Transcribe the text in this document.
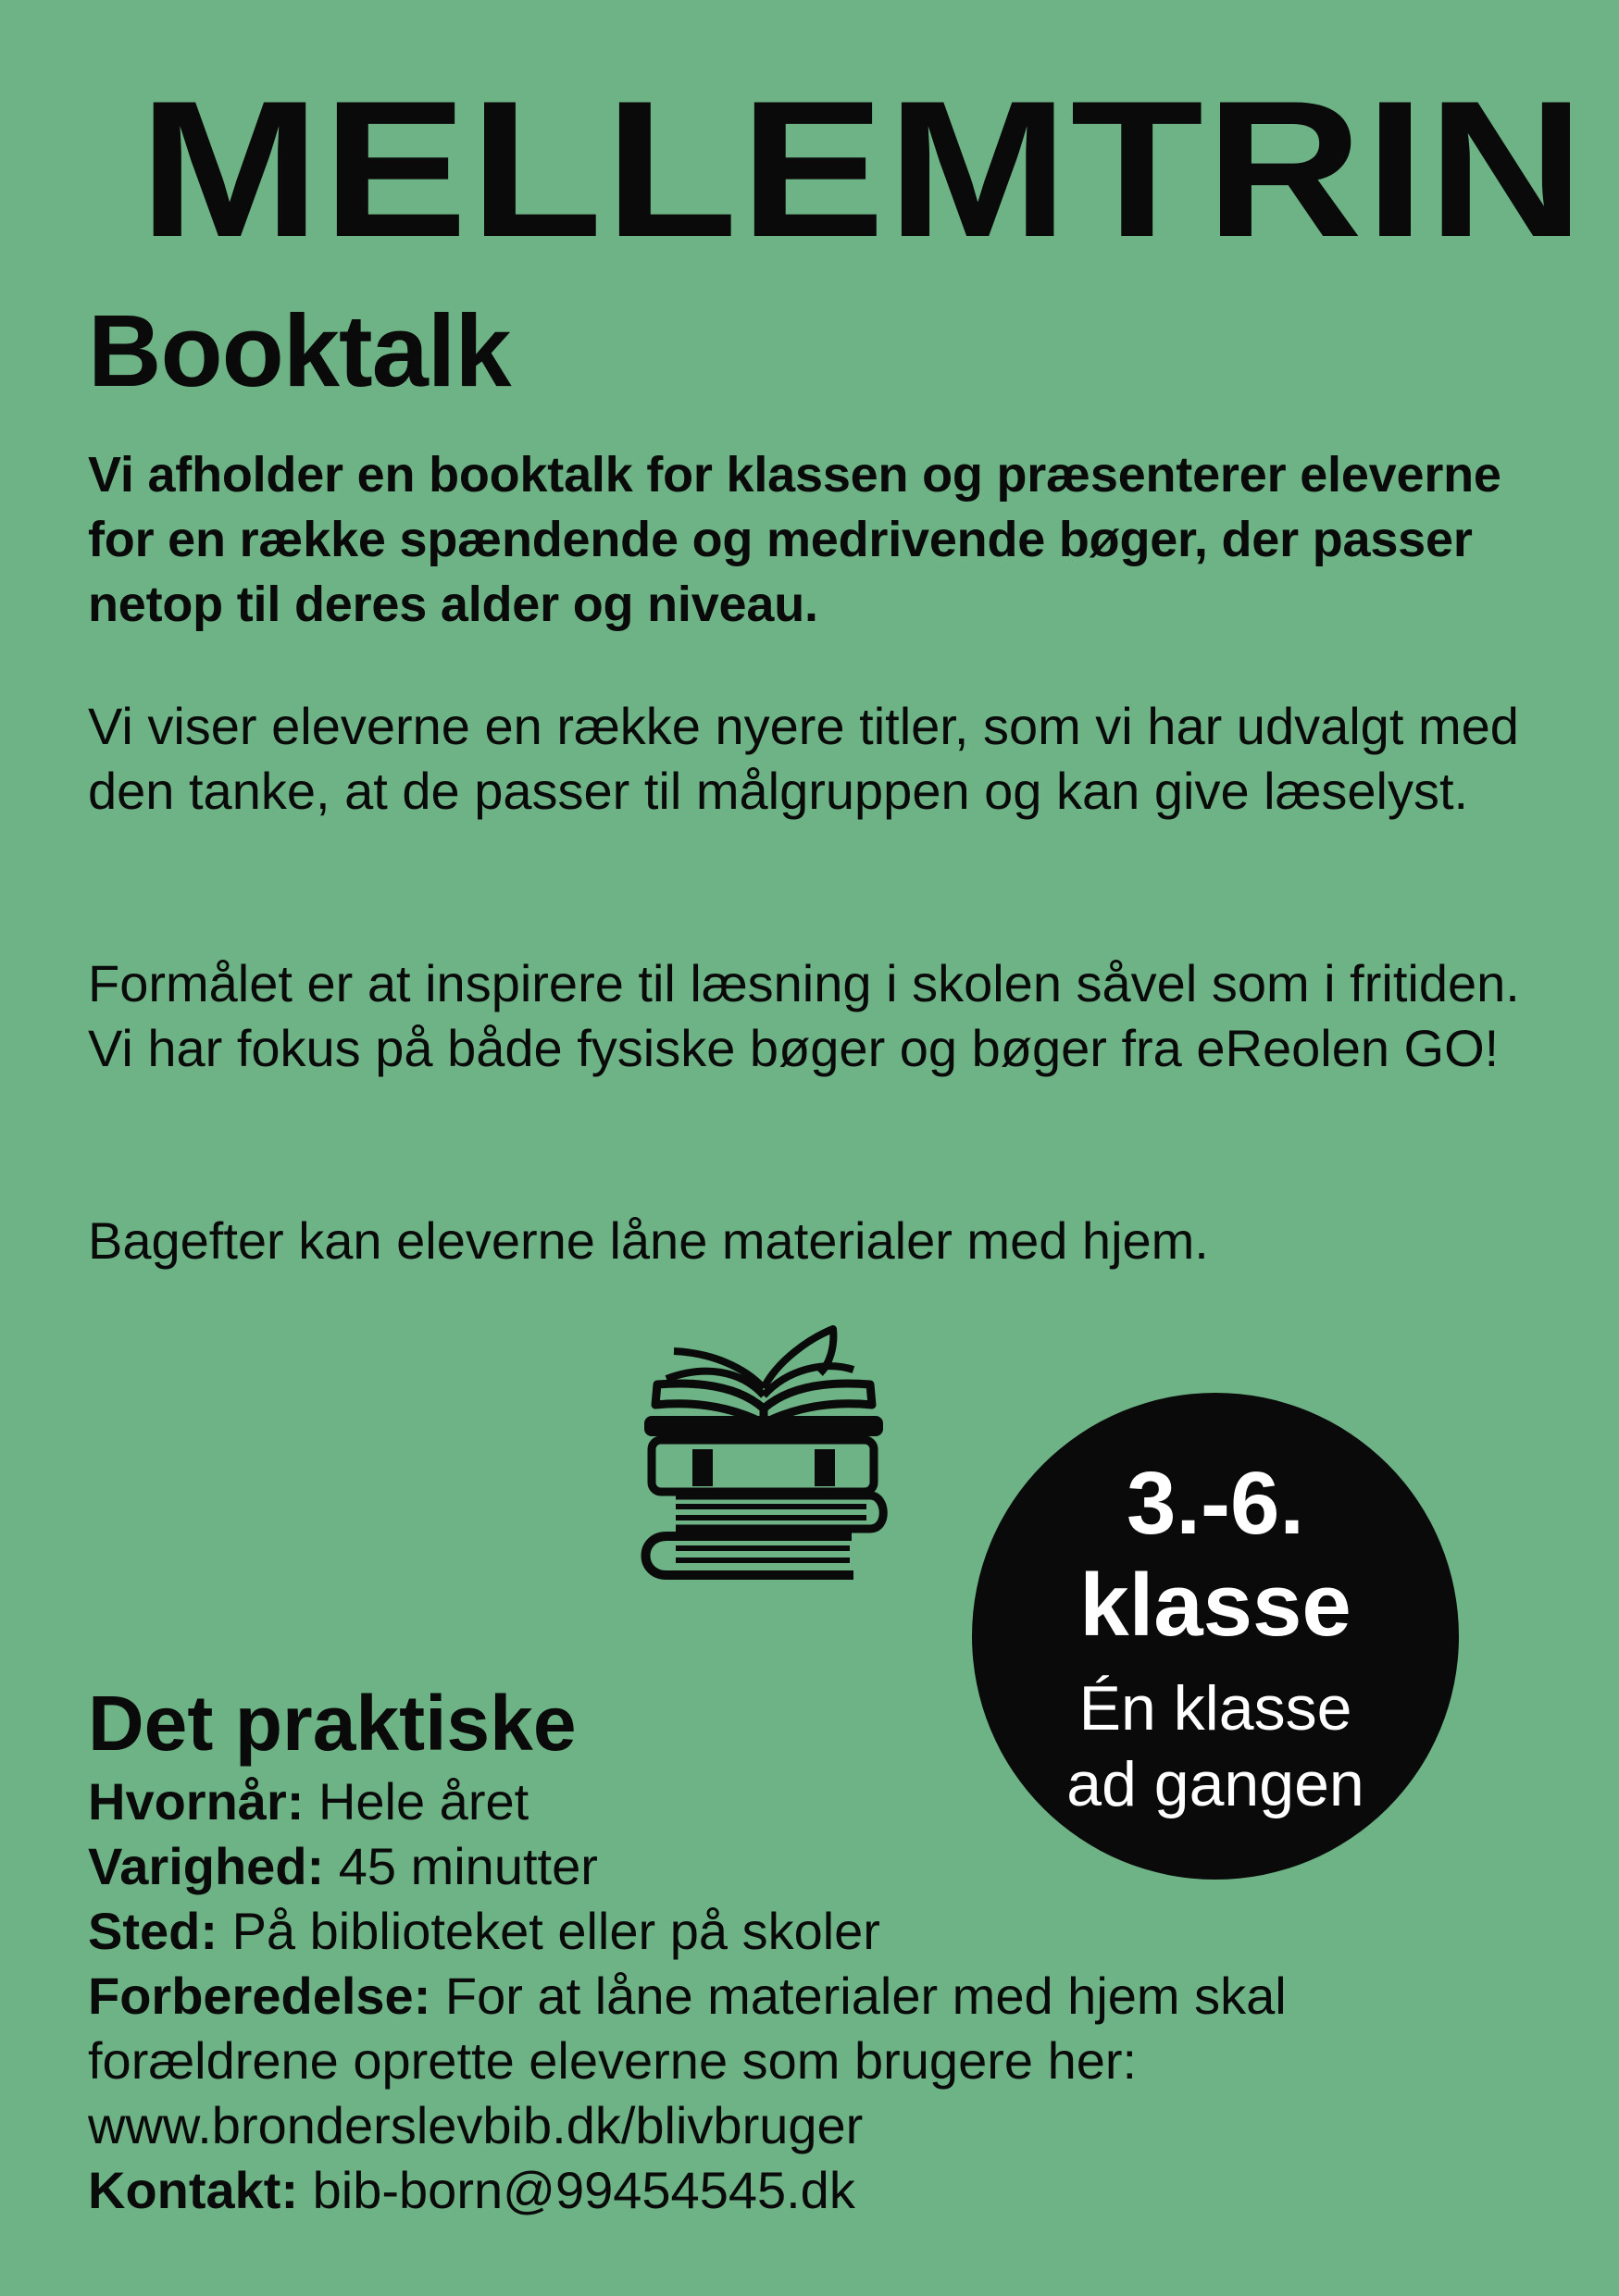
MELLEMTRIN
Booktalk
Vi afholder en booktalk for klassen og præsenterer eleverne for en række spændende og medrivende bøger, der passer netop til deres alder og niveau.
Vi viser eleverne en række nyere titler, som vi har udvalgt med den tanke, at de passer til målgruppen og kan give læselyst.
Formålet er at inspirere til læsning i skolen såvel som i fritiden. Vi har fokus på både fysiske bøger og bøger fra eReolen GO!
Bagefter kan eleverne låne materialer med hjem.
3.-6.
klasse
Én klasse
ad gangen
Det praktiske
Hvornår: Hele året
Varighed: 45 minutter
Sted: På biblioteket eller på skoler
Forberedelse: For at låne materialer med hjem skal
forældrene oprette eleverne som brugere her:
www.bronderslevbib.dk/blivbruger
Kontakt: bib-born@99454545.dk
